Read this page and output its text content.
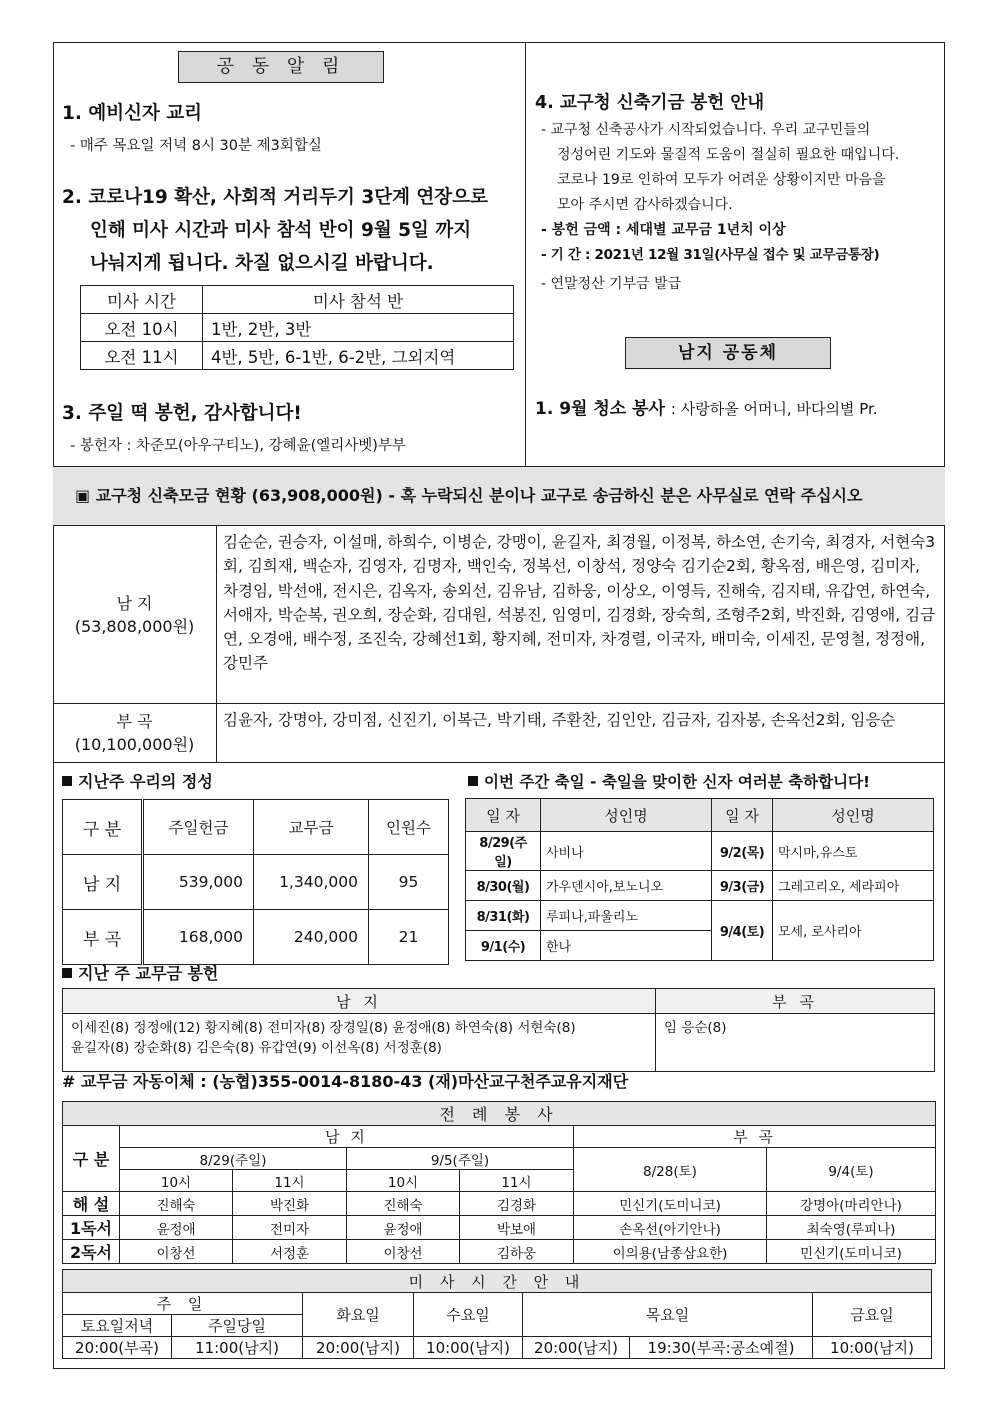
공 동 알 림
1. 예비신자 교리
- 매주 목요일 저녁 8시 30분 제3회합실
2. 코로나19 확산, 사회적 거리두기 3단계 연장으로
인해 미사 시간과 미사 참석 반이 9월 5일 까지
나눠지게 됩니다. 차질 없으시길 바랍니다.
미사 시간	미사 참석 반
오전 10시	1반, 2반, 3반
오전 11시	4반, 5반, 6-1반, 6-2반, 그외지역
3. 주일 떡 봉헌, 감사합니다!
- 봉헌자 : 차준모(아우구티노), 강혜윤(엘리사벳)부부
4. 교구청 신축기금 봉헌 안내
- 교구청 신축공사가 시작되었습니다. 우리 교구민들의
정성어린 기도와 물질적 도움이 절실히 필요한 때입니다.
코로나 19로 인하여 모두가 어려운 상황이지만 마음을
모아 주시면 감사하겠습니다.
- 봉헌 금액 : 세대별 교무금 1년치 이상
- 기 간 : 2021년 12월 31일(사무실 접수 및 교무금통장)
- 연말정산 기부금 발급
남지 공동체
1. 9월 청소 봉사 : 사랑하올 어머니, 바다의별 Pr.
▣ 교구청 신축모금 현황 (63,908,000원) - 혹 누락되신 분이나 교구로 송금하신 분은 사무실로 연락 주십시오
남 지
(53,808,000원)
김순순, 권승자, 이설매, 하희수, 이병순, 강맹이, 윤길자, 최경월, 이정복, 하소연, 손기숙, 최경자, 서현숙3회, 김희재, 백순자, 김영자, 김명자, 백인숙, 정복선, 이창석, 정양숙 김기순2회, 황옥점, 배은영, 김미자, 차경임, 박선애, 전시은, 김옥자, 송외선, 김유남, 김하웅, 이상오, 이영득, 진해숙, 김지태, 유갑연, 하연숙, 서애자, 박순복, 권오희, 장순화, 김대원, 석봉진, 임영미, 김경화, 장숙희, 조형주2회, 박진화, 김영애, 김금연, 오경애, 배수정, 조진숙, 강혜선1회, 황지혜, 전미자, 차경렬, 이국자, 배미숙, 이세진, 문영철, 정정애, 강민주
부 곡
(10,100,000원)
김윤자, 강명아, 강미점, 신진기, 이복근, 박기태, 주환찬, 김인안, 김금자, 김자봉, 손옥선2회, 임응순
지난주 우리의 정성
구 분	주일헌금	교무금	인원수
남 지	539,000	1,340,000	95
부 곡	168,000	240,000	21
이번 주간 축일 - 축일을 맞이한 신자 여러분 축하합니다!
일 자	성인명	일 자	성인명
8/29(주일)	사비나	9/2(목)	막시마,유스토
8/30(월)	가우덴시아,보노니오	9/3(금)	그레고리오, 세라피아
8/31(화)	루피나,파울리노	9/4(토)	모세, 로사리아
9/1(수)	한나		
지난 주 교무금 봉헌
남 지	부 곡

이세진(8) 정정애(12) 황지혜(8) 전미자(8) 장경일(8) 윤정애(8) 하연숙(8) 서현숙(8)
윤길자(8) 장순화(8) 김은숙(8) 유갑연(9) 이선옥(8) 서정훈(8)	임 응순(8)
# 교무금 자동이체 : (농협)355-0014-8180-43 (재)마산교구천주교유지재단
전 례 봉 사						
구 분	남 지				부 곡	
	8/29(주일)		9/5(주일)		8/28(토)	9/4(토)
	10시	11시	10시	11시		
해 설	진해숙	박진화	진해숙	김경화	민신기(도미니코)	강명아(마리안나)
1독서	윤정애	전미자	윤정애	박보애	손옥선(아기안나)	최숙영(루피나)
2독서	이창선	서정훈	이창선	김하웅	이의용(남종삼요한)	민신기(도미니코)
미 사 시 간 안 내						
주 일		화요일	수요일	목요일		금요일
토요일저녁	주일당일					
20:00(부곡)	11:00(남지)	20:00(남지)	10:00(남지)	20:00(남지)	19:30(부곡:공소예절)	10:00(남지)
